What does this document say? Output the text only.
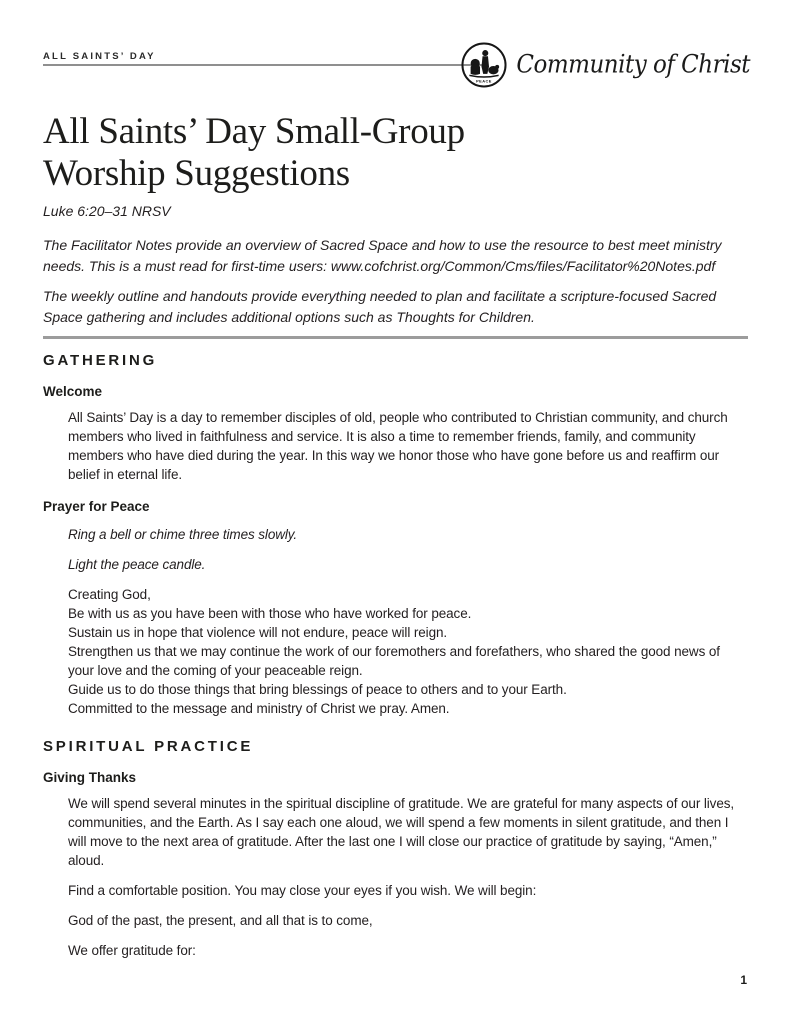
ALL SAINTS’ DAY
PEACE
Community of Christ
All Saints’ Day Small-Group
Worship Suggestions

Luke 6:20–31 NRSV

The Facilitator Notes provide an overview of Sacred Space and how to use the resource to best meet ministry needs. This is a must read for first-time users: www.cofchrist.org/Common/Cms/files/Facilitator%20Notes.pdf

The weekly outline and handouts provide everything needed to plan and facilitate a scripture-focused Sacred Space gathering and includes additional options such as Thoughts for Children.

GATHERING
Welcome

All Saints’ Day is a day to remember disciples of old, people who contributed to Christian community, and church members who lived in faithfulness and service. It is also a time to remember friends, family, and community members who have died during the year. In this way we honor those who have gone before us and reaffirm our belief in eternal life.

Prayer for Peace

Ring a bell or chime three times slowly.

Light the peace candle.

Creating God,
Be with us as you have been with those who have worked for peace.
Sustain us in hope that violence will not endure, peace will reign.
Strengthen us that we may continue the work of our foremothers and forefathers, who shared the good news of your love and the coming of your peaceable reign.
Guide us to do those things that bring blessings of peace to others and to your Earth.
Committed to the message and ministry of Christ we pray. Amen.
SPIRITUAL PRACTICE
Giving Thanks

We will spend several minutes in the spiritual discipline of gratitude. We are grateful for many aspects of our lives, communities, and the Earth. As I say each one aloud, we will spend a few moments in silent gratitude, and then I will move to the next area of gratitude. After the last one I will close our practice of gratitude by saying, “Amen,” aloud.

Find a comfortable position. You may close your eyes if you wish. We will begin:

God of the past, the present, and all that is to come,

We offer gratitude for:

1
